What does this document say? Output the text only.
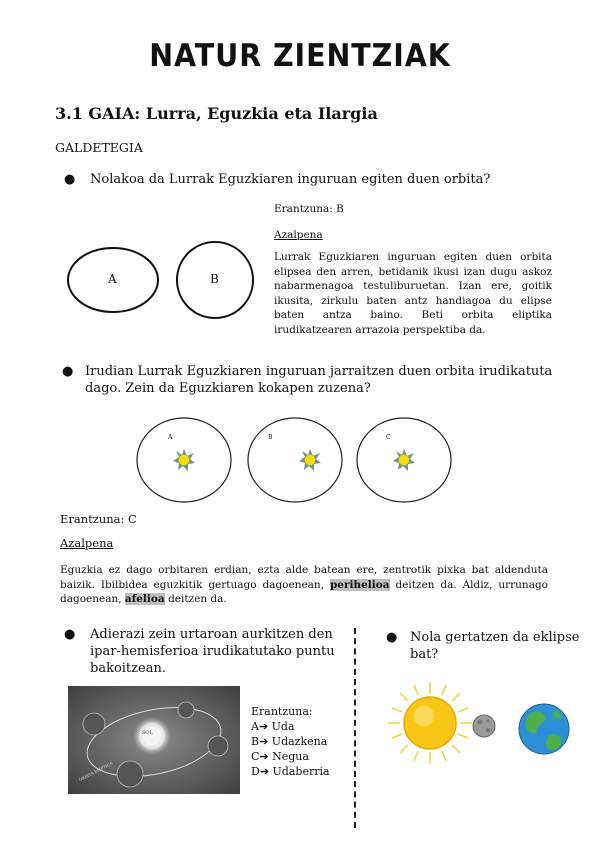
NATUR ZIENTZIAK
3.1 GAIA: Lurra, Eguzkia eta Ilargia
GALDETEGIA
● Nolakoa da Lurrak Eguzkiaren inguruan egiten duen orbita?
A	B
Erantzuna: B
Azalpena
Lurrak Eguzkiaren inguruan egiten duen orbita elipsea den arren, betidanik ikusi izan dugu askoz nabarmenagoa testuliburuetan. Izan ere, goitik ikusita, zirkulu baten antz handiagoa du elipse baten antza baino. Beti orbita eliptika irudikatzearen arrazoia perspektiba da.
● Irudian Lurrak Eguzkiaren inguruan jarraitzen duen orbita irudikatuta
dago. Zein da Eguzkiaren kokapen zuzena?
A	B	C
Erantzuna: C
Azalpena
Eguzkia ez dago orbitaren erdian, ezta alde batean ere, zentrotik pixka bat aldenduta baizik. Ibilbidea eguzkitik gertuago dagoenean, perihelioa deitzen da. Aldiz, urrunago dagoenean, afelioa deitzen da.
● Adierazi zein urtaroan aurkitzen den
ipar-hemisferioa irudikatutako puntu
bakoitzean.
SOL
ÓRBITA ELÍPTICA
Erantzuna:
A➔ Uda
B➔ Udazkena
C➔ Negua
D➔ Udaberria
● Nola gertatzen da eklipse
bat?
